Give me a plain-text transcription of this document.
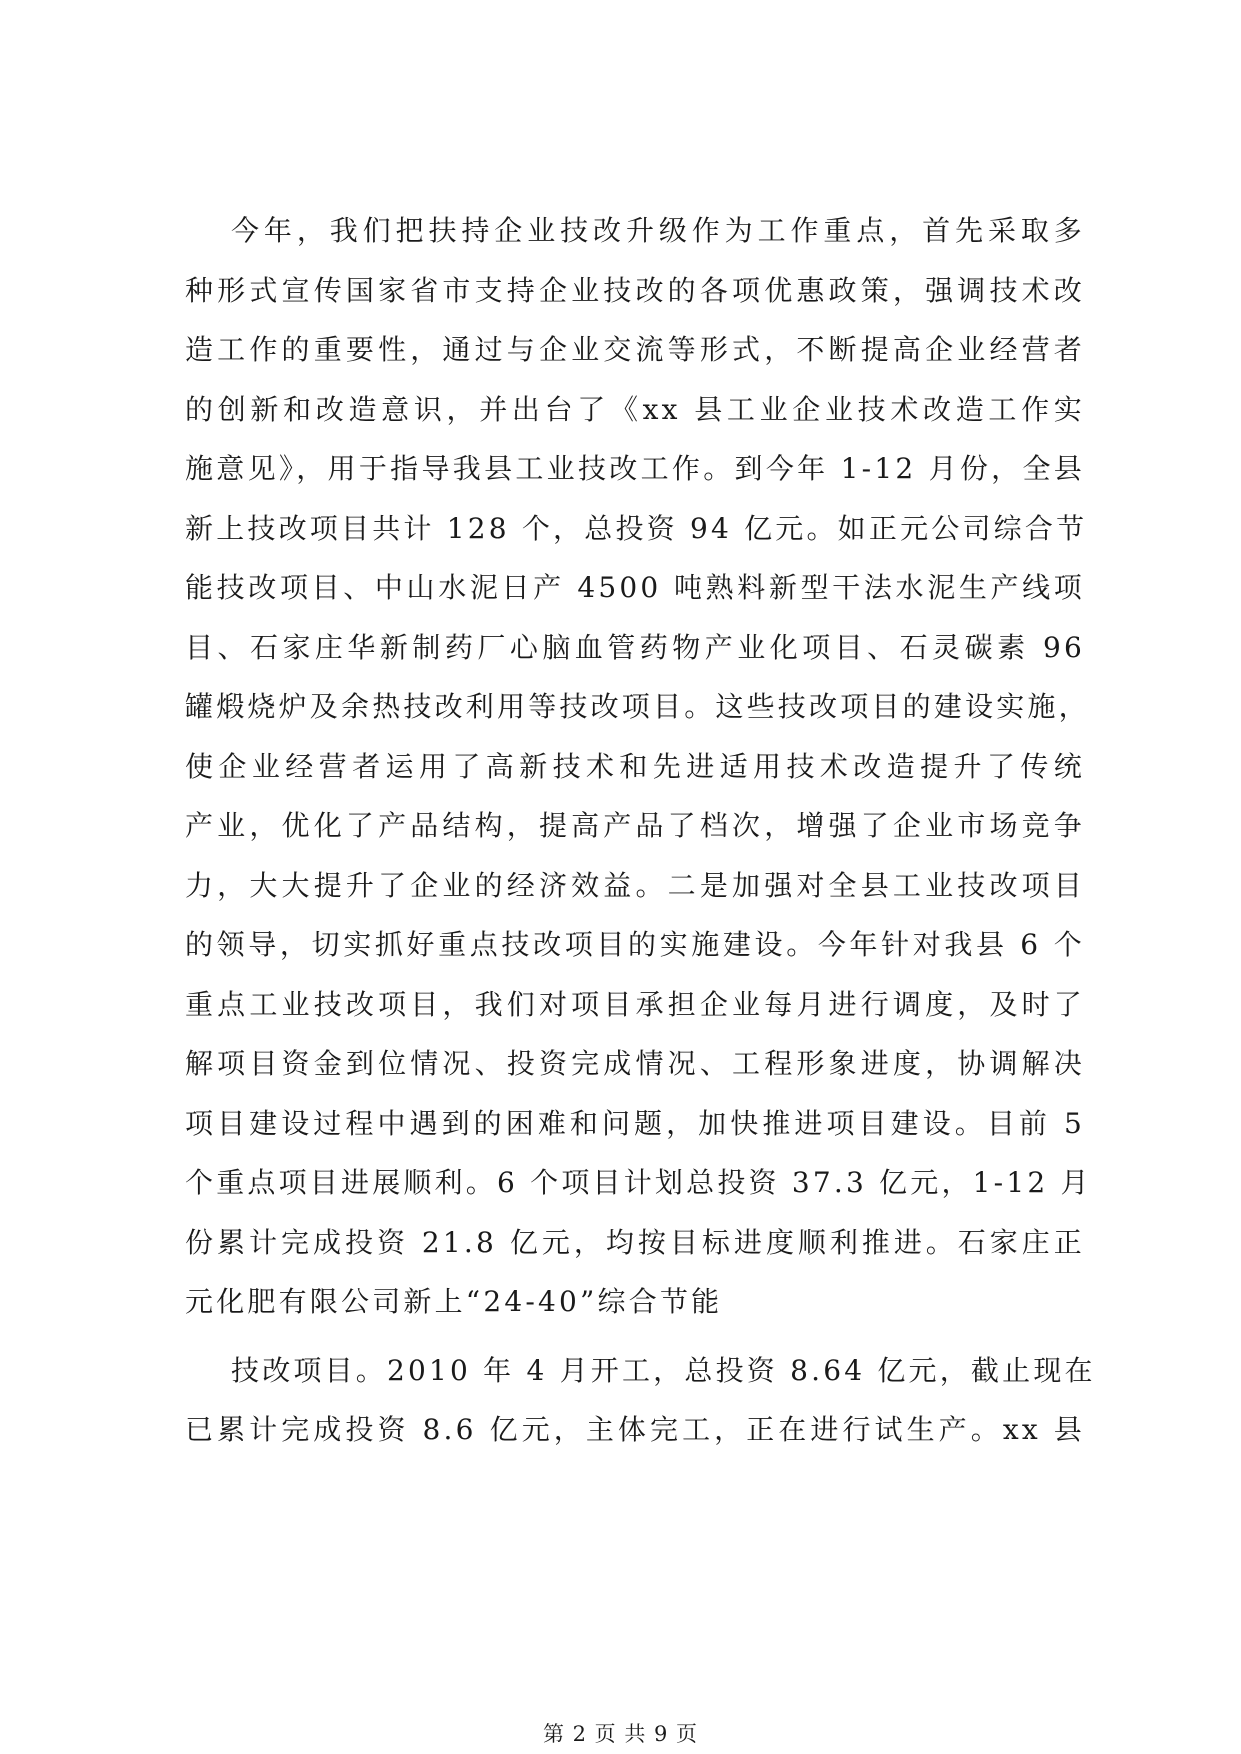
今年，我们把扶持企业技改升级作为工作重点，首先采取多
种形式宣传国家省市支持企业技改的各项优惠政策，强调技术改
造工作的重要性，通过与企业交流等形式，不断提高企业经营者
的创新和改造意识，并出台了《xx 县工业企业技术改造工作实
施意见》，用于指导我县工业技改工作。到今年 1-12 月份，全县
新上技改项目共计 128 个，总投资 94 亿元。如正元公司综合节
能技改项目、中山水泥日产 4500 吨熟料新型干法水泥生产线项
目、石家庄华新制药厂心脑血管药物产业化项目、石灵碳素 96
罐煅烧炉及余热技改利用等技改项目。这些技改项目的建设实施，
使企业经营者运用了高新技术和先进适用技术改造提升了传统
产业，优化了产品结构，提高产品了档次，增强了企业市场竞争
力，大大提升了企业的经济效益。二是加强对全县工业技改项目
的领导，切实抓好重点技改项目的实施建设。今年针对我县 6 个
重点工业技改项目，我们对项目承担企业每月进行调度，及时了
解项目资金到位情况、投资完成情况、工程形象进度，协调解决
项目建设过程中遇到的困难和问题，加快推进项目建设。目前 5
个重点项目进展顺利。6 个项目计划总投资 37.3 亿元，1-12 月
份累计完成投资 21.8 亿元，均按目标进度顺利推进。石家庄正
元化肥有限公司新上“24-40”综合节能
技改项目。2010 年 4 月开工，总投资 8.64 亿元，截止现在
已累计完成投资 8.6 亿元，主体完工，正在进行试生产。xx 县
第 2 页 共 9 页
